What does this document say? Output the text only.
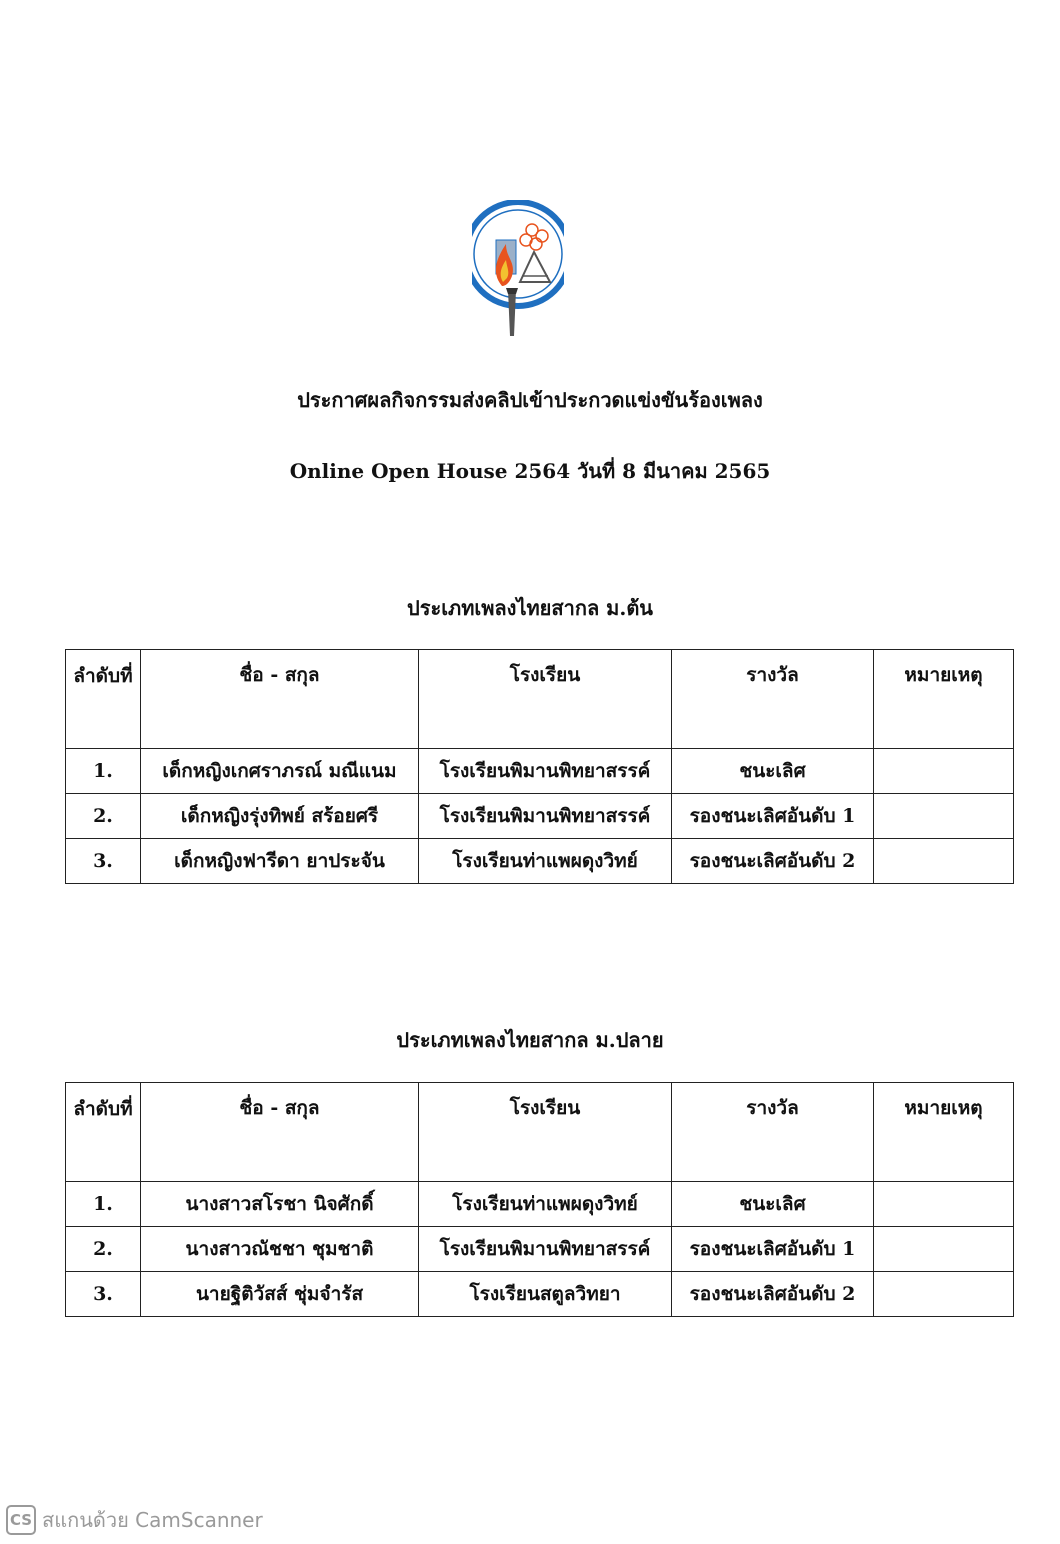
ประกาศผลกิจกรรมส่งคลิปเข้าประกวดแข่งขันร้องเพลง
Online Open House 2564 วันที่ 8 มีนาคม 2565
ประเภทเพลงไทยสากล ม.ต้น
ลำดับที่	ชื่อ - สกุล	โรงเรียน	รางวัล	หมายเหตุ
1.	เด็กหญิงเกศราภรณ์ มณีแนม	โรงเรียนพิมานพิทยาสรรค์	ชนะเลิศ	
2.	เด็กหญิงรุ่งทิพย์ สร้อยศรี	โรงเรียนพิมานพิทยาสรรค์	รองชนะเลิศอันดับ 1	
3.	เด็กหญิงฟารีดา ยาประจัน	โรงเรียนท่าแพผดุงวิทย์	รองชนะเลิศอันดับ 2	
ประเภทเพลงไทยสากล ม.ปลาย
ลำดับที่	ชื่อ - สกุล	โรงเรียน	รางวัล	หมายเหตุ
1.	นางสาวสโรชา นิจศักดิ์	โรงเรียนท่าแพผดุงวิทย์	ชนะเลิศ	
2.	นางสาวณัชชา ชุมชาติ	โรงเรียนพิมานพิทยาสรรค์	รองชนะเลิศอันดับ 1	
3.	นายฐิติวัสส์ ชุ่มจำรัส	โรงเรียนสตูลวิทยา	รองชนะเลิศอันดับ 2	
CS สแกนด้วย CamScanner
